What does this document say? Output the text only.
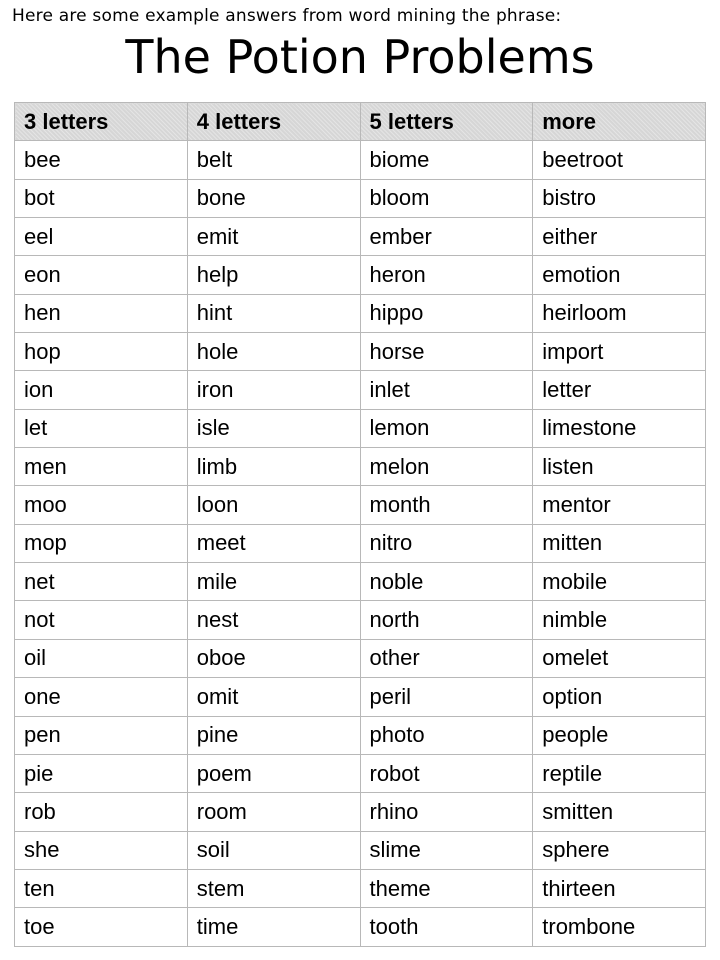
Here are some example answers from word mining the phrase:
The Potion Problems
3 letters	4 letters	5 letters	more
bee	belt	biome	beetroot
bot	bone	bloom	bistro
eel	emit	ember	either
eon	help	heron	emotion
hen	hint	hippo	heirloom
hop	hole	horse	import
ion	iron	inlet	letter
let	isle	lemon	limestone
men	limb	melon	listen
moo	loon	month	mentor
mop	meet	nitro	mitten
net	mile	noble	mobile
not	nest	north	nimble
oil	oboe	other	omelet
one	omit	peril	option
pen	pine	photo	people
pie	poem	robot	reptile
rob	room	rhino	smitten
she	soil	slime	sphere
ten	stem	theme	thirteen
toe	time	tooth	trombone
